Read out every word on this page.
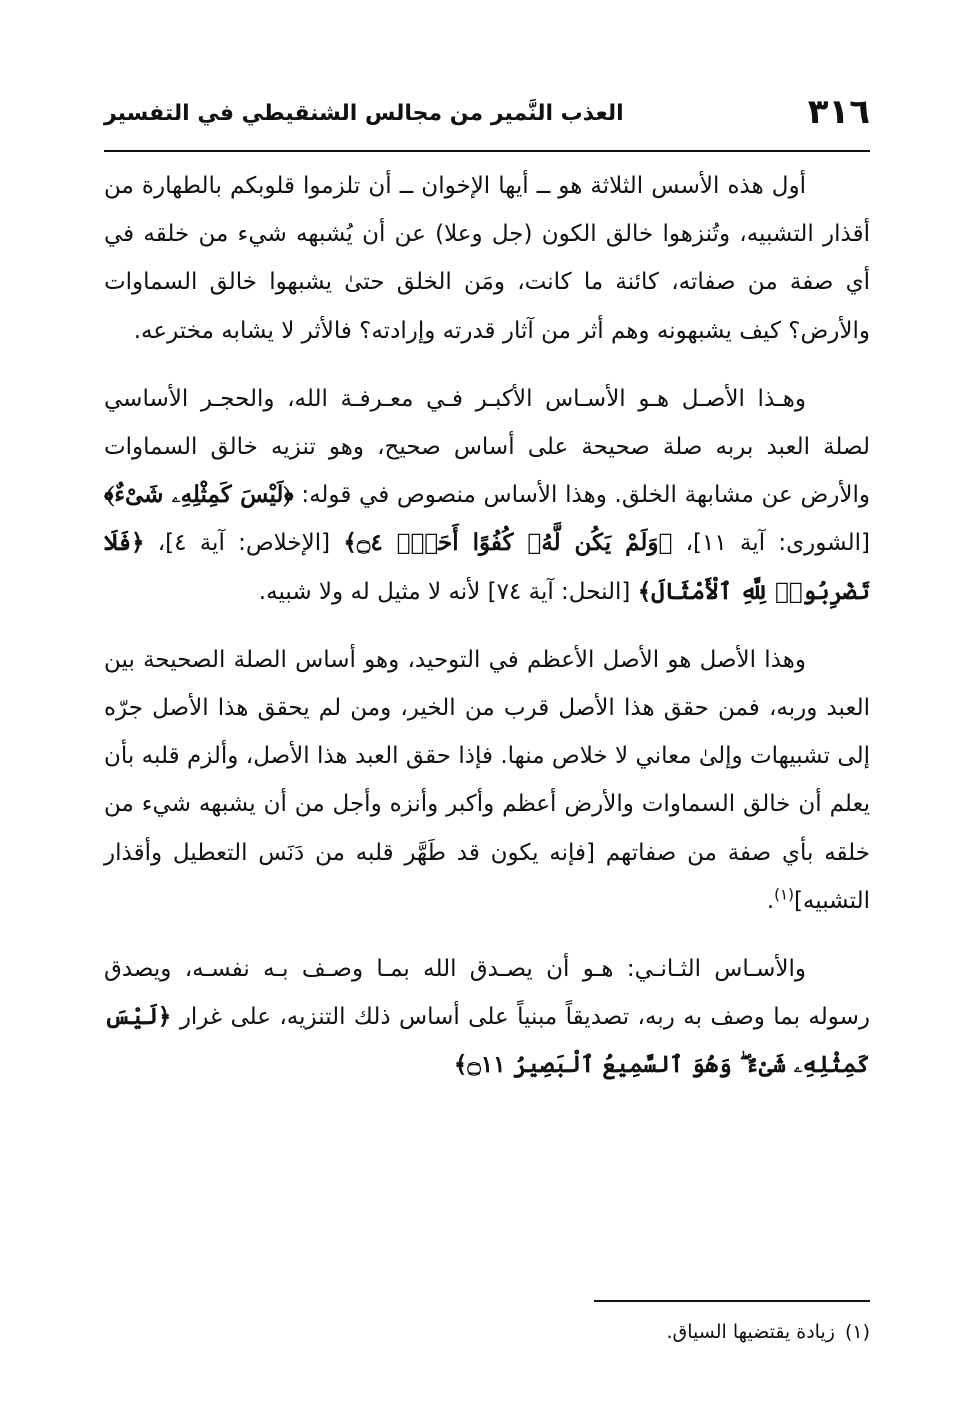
٣١٦
العذب النَّمير من مجالس الشنقيطي في التفسير

أول هذه الأسس الثلاثة هو ــ أيها الإخوان ــ أن تلزموا قلوبكم بالطهارة من أقذار التشبيه، وتُنزهوا خالق الكون (جل وعلا) عن أن يُشبهه شيء من خلقه في أي صفة من صفاته، كائنة ما كانت، ومَن الخلق حتىٰ يشبهوا خالق السماوات والأرض؟ كيف يشبهونه وهم أثر من آثار قدرته وإرادته؟ فالأثر لا يشابه مخترعه.

وهـذا الأصـل هـو الأسـاس الأكبـر فـي معـرفـة الله، والحجـر الأساسي لصلة العبد بربه صلة صحيحة على أساس صحيح، وهو تنزيه خالق السماوات والأرض عن مشابهة الخلق. وهذا الأساس منصوص في قوله: ﴿لَيْسَ كَمِثْلِهِۦ شَىْءٌ﴾ [الشورى: آية ١١]، ﴿وَلَمْ يَكُن لَّهُۥ كُفُوًا أَحَدٌۢ ۝٤﴾ [الإخلاص: آية ٤]، ﴿فَلَا تَضْرِبُوا۟ لِلَّهِ ٱلْأَمْثَالَ﴾ [النحل: آية ٧٤] لأنه لا مثيل له ولا شبيه.

وهذا الأصل هو الأصل الأعظم في التوحيد، وهو أساس الصلة الصحيحة بين العبد وربه، فمن حقق هذا الأصل قرب من الخير، ومن لم يحقق هذا الأصل جرّه إلى تشبيهات وإلىٰ معاني لا خلاص منها. فإذا حقق العبد هذا الأصل، وألزم قلبه بأن يعلم أن خالق السماوات والأرض أعظم وأكبر وأنزه وأجل من أن يشبهه شيء من خلقه بأي صفة من صفاتهم [فإنه يكون قد طَهَّر قلبه من دَنَس التعطيل وأقذار التشبيه]$^{(١)}$.

والأسـاس الثـانـي: هـو أن يصـدق الله بمـا وصـف بـه نفسـه، ويصدق رسوله بما وصف به ربه، تصديقاً مبنياً على أساس ذلك التنزيه، على غرار ﴿لَيْسَ كَمِثْلِهِۦ شَىْءٌ ۖ وَهُوَ ٱلسَّمِيعُ ٱلْبَصِيرُ ۝١١﴾

(١)زيادة يقتضيها السياق.
